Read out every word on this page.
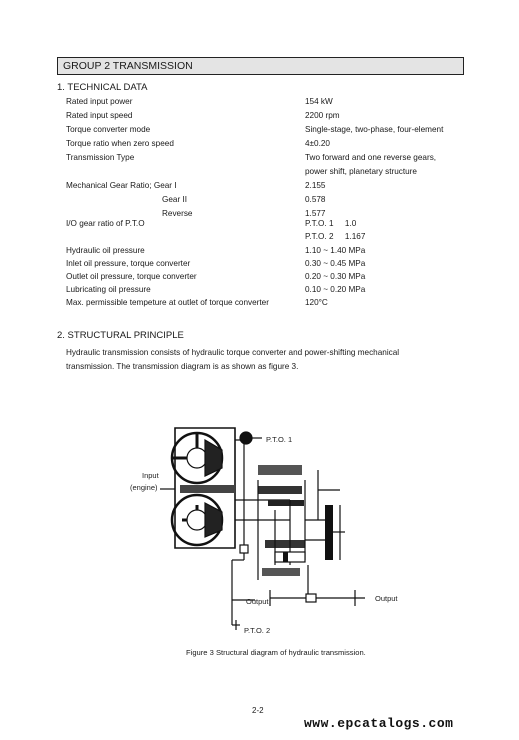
GROUP 2 TRANSMISSION
1. TECHNICAL DATA
Rated input power	154 kW
Rated input speed	2200 rpm
Torque converter mode	Single-stage, two-phase, four-element
Torque ratio when zero speed	4±0.20
Transmission Type	Two forward and one reverse gears,
power shift, planetary structure
Mechanical Gear Ratio; Gear I	2.155
Gear II	0.578
Reverse	1.577
I/O gear ratio of P.T.O	P.T.O. 1     1.0
P.T.O. 2     1.167
Hydraulic oil pressure	1.10 ~ 1.40 MPa
Inlet oil pressure, torque converter	0.30 ~ 0.45 MPa
Outlet oil pressure, torque converter	0.20 ~ 0.30 MPa
Lubricating oil pressure	0.10 ~ 0.20 MPa
Max. permissible tempeture at outlet of torque converter	120°C
2. STRUCTURAL PRINCIPLE
Hydraulic transmission consists of hydraulic torque converter and power-shifting mechanical
transmission. The transmission diagram is as shown as figure 3.
P.T.O. 1
Input
(engine)
Output	Output
P.T.O. 2
Figure 3 Structural diagram of hydraulic transmission.
2-2
www.epcatalogs.com
